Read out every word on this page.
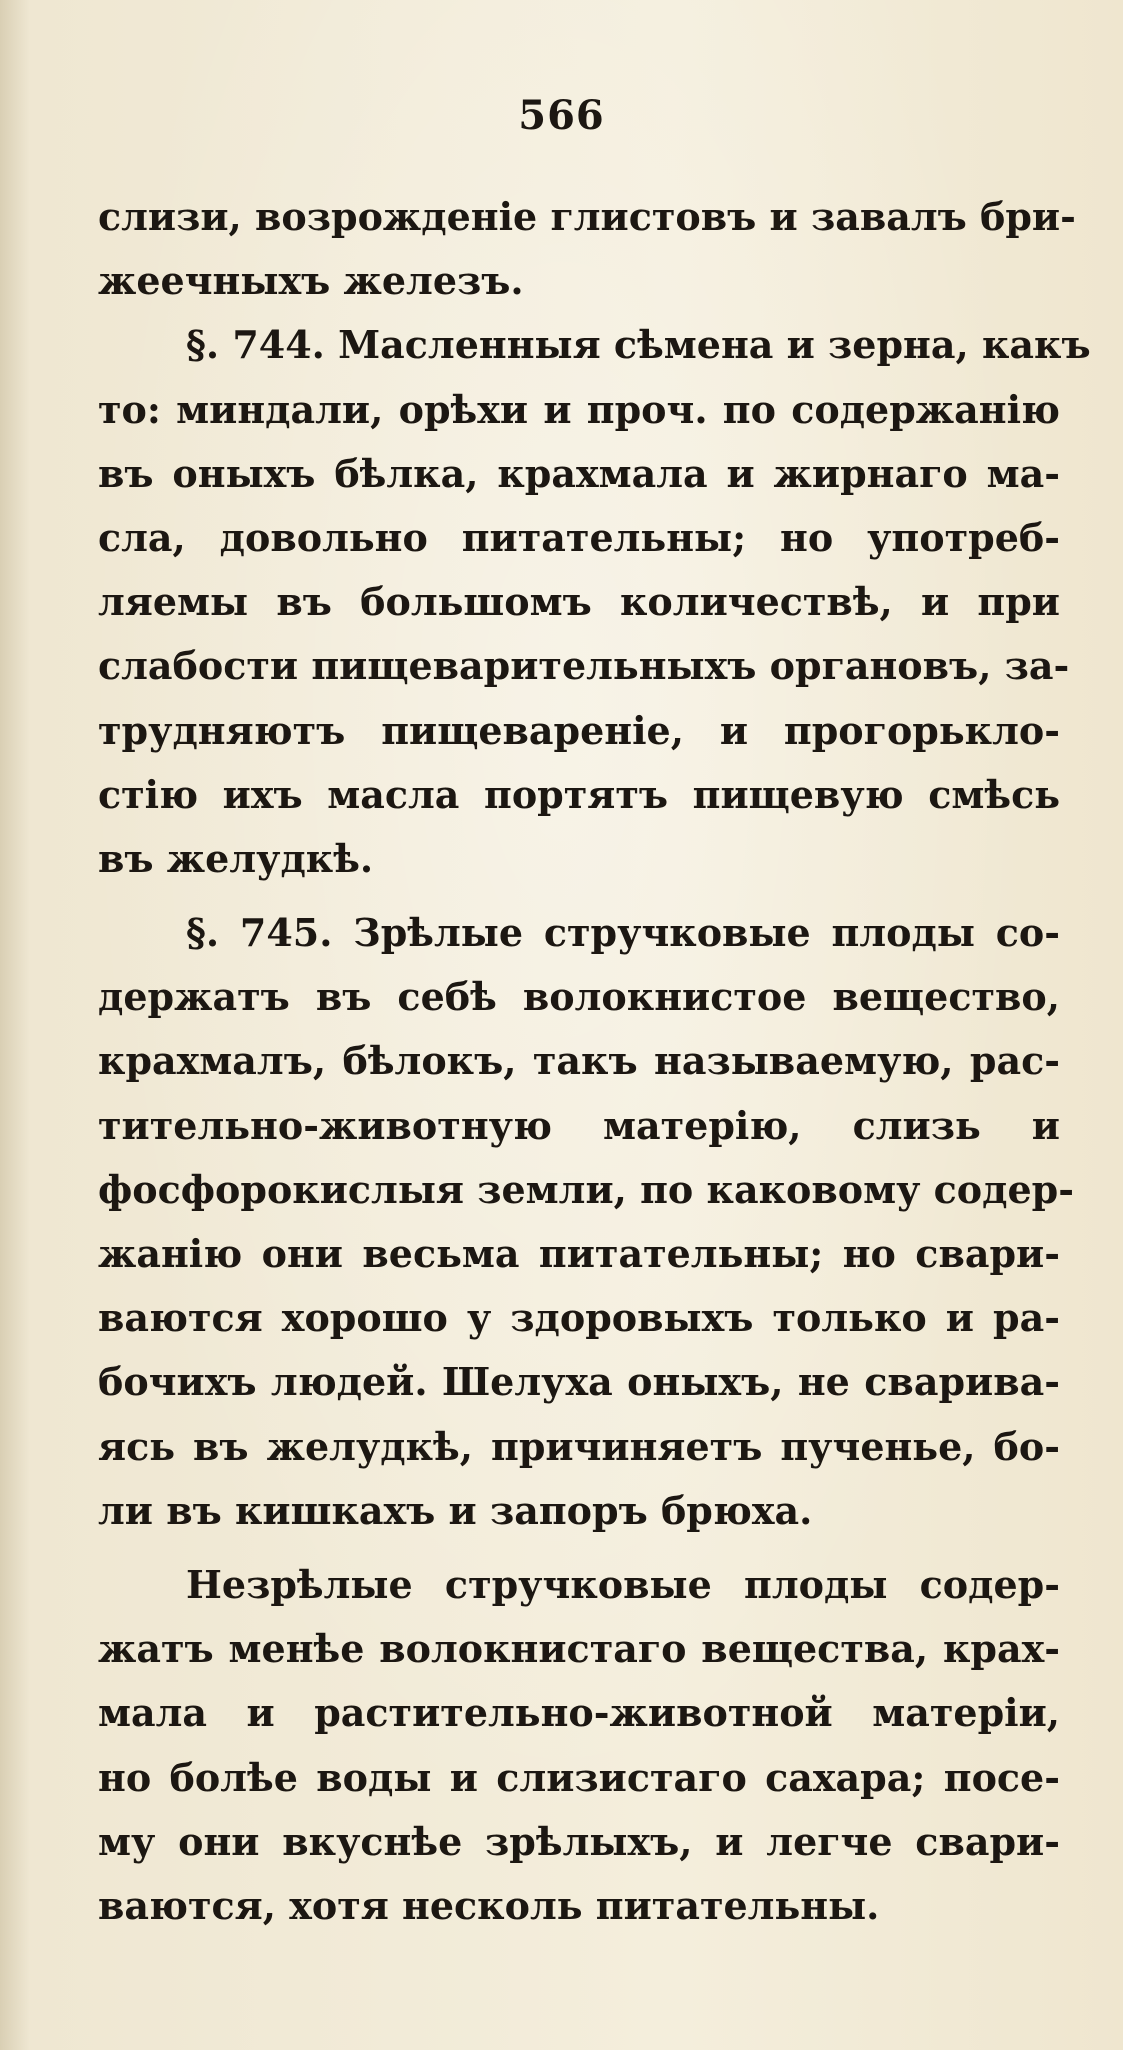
566
слизи, возрожденіе глистовъ и завалъ бри-
жеечныхъ железъ.
§. 744. Масленныя сѣмена и зерна, какъ
то: миндали, орѣхи и проч. по содержанію
въ оныхъ бѣлка, крахмала и жирнаго ма-
сла, довольно питательны; но употреб-
ляемы въ большомъ количествѣ, и при
слабости пищеварительныхъ органовъ, за-
трудняютъ пищевареніе, и прогорькло-
стію ихъ масла портятъ пищевую смѣсь
въ желудкѣ.
§. 745. Зрѣлые стручковые плоды со-
держатъ въ себѣ волокнистое вещество,
крахмалъ, бѣлокъ, такъ называемую, рас-
тительно-животную матерію, слизь и
фосфорокислыя земли, по каковому содер-
жанію они весьма питательны; но свари-
ваются хорошо у здоровыхъ только и ра-
бочихъ людей. Шелуха оныхъ, не сварива-
ясь въ желудкѣ, причиняетъ пученье, бо-
ли въ кишкахъ и запоръ брюха.
Незрѣлые стручковые плоды содер-
жатъ менѣе волокнистаго вещества, крах-
мала и растительно-животной матеріи,
но болѣе воды и слизистаго сахара; посе-
му они вкуснѣе зрѣлыхъ, и легче свари-
ваются, хотя несколь питательны.
